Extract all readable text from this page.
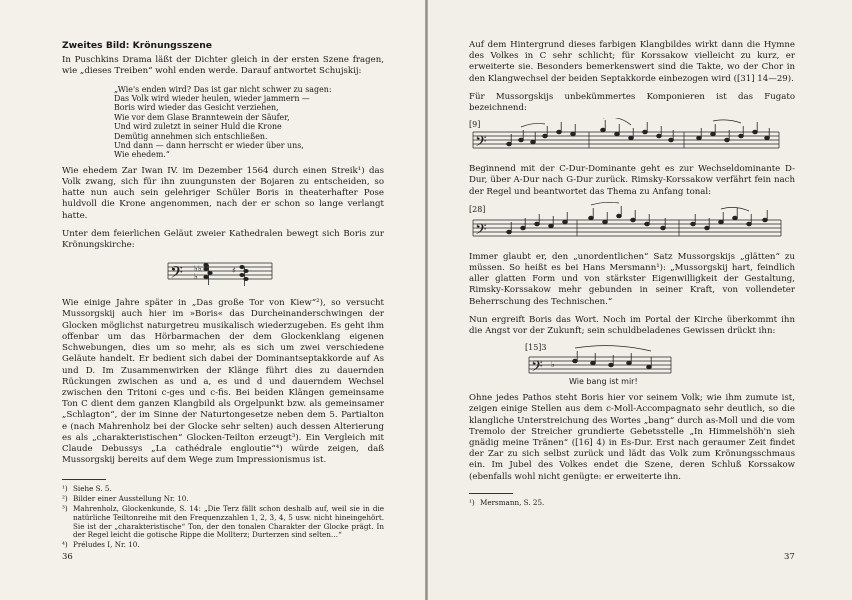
Zweites Bild: Krönungsszene

In Puschkins Drama läßt der Dichter gleich in der ersten Szene fragen, wie „dieses Treiben“ wohl enden werde. Darauf antwortet Schujskij:

„Wie's enden wird? Das ist gar nicht schwer zu sagen:
Das Volk wird wieder heulen, wieder jammern —
Boris wird wieder das Gesicht verziehen,
Wie vor dem Glase Branntewein der Säufer,
Und wird zuletzt in seiner Huld die Krone
Demütig annehmen sich entschließen.
Und dann — dann herrscht er wieder über uns,
Wie ehedem.“

Wie ehedem Zar Iwan IV. im Dezember 1564 durch einen Streik¹) das Volk zwang, sich für ihn zuungunsten der Bojaren zu entscheiden, so hatte nun auch sein gelehriger Schüler Boris in theaterhafter Pose huldvoll die Krone angenommen, nach der er schon so lange verlangt hatte.

Unter dem feierlichen Geläut zweier Kathedralen bewegt sich Boris zur Krönungskirche:

𝄢 ♭♭
♭
♯

Wie einige Jahre später in „Das große Tor von Kiew“²), so versucht Mussorgskij auch hier im »Boris« das Durcheinanderschwingen der Glocken möglichst naturgetreu musikalisch wiederzugeben. Es geht ihm offenbar um das Hörbarmachen der dem Glockenklang eigenen Schwebungen, dies um so mehr, als es sich um zwei verschiedene Geläute handelt. Er bedient sich dabei der Dominantseptakkorde auf As und D. Im Zusammenwirken der Klänge führt dies zu dauernden Rückungen zwischen as und a, es und d und dauerndem Wechsel zwischen den Tritoni c-ges und c-fis. Bei beiden Klängen gemeinsame Ton C dient dem ganzen Klangbild als Orgelpunkt bzw. als gemeinsamer „Schlagton“, der im Sinne der Naturtongesetze neben dem 5. Partialton e (nach Mahrenholz bei der Glocke sehr selten) auch dessen Alterierung es als „charakteristischen“ Glocken-Teilton erzeugt³). Ein Vergleich mit Claude Debussys „La cathédrale engloutie“⁴) würde zeigen, daß Mussorgskij bereits auf dem Wege zum Impressionismus ist.

¹) Siehe S. 5.
²) Bilder einer Ausstellung Nr. 10.
³) Mahrenholz, Glockenkunde, S. 14: „Die Terz fällt schon deshalb auf, weil sie in die natürliche Teiltonreihe mit den Frequenzzahlen 1, 2, 3, 4, 5 usw. nicht hineingehört. Sie ist der „charakteristische“ Ton, der den tonalen Charakter der Glocke prägt. In der Regel leicht die gotische Rippe die Mollterz; Durterzen sind selten…“
⁴) Préludes I, Nr. 10.
36

Auf dem Hintergrund dieses farbigen Klangbildes wirkt dann die Hymne des Volkes in C sehr schlicht; für Korssakow vielleicht zu kurz, er erweiterte sie. Besonders bemerkenswert sind die Takte, wo der Chor in den Klangwechsel der beiden Septakkorde einbezogen wird ([31] 14—29).

Für Mussorgskijs unbekümmertes Komponieren ist das Fugato bezeichnend:

[9]
𝄢

Beginnend mit der C-Dur-Dominante geht es zur Wechseldominante D-Dur, über A-Dur nach G-Dur zurück. Rimsky-Korssakow verfährt fein nach der Regel und beantwortet das Thema zu Anfang tonal:

[28]
𝄢

Immer glaubt er, den „unordentlichen“ Satz Mussorgskijs „glätten“ zu müssen. So heißt es bei Hans Mersmann¹): „Mussorgskij hart, feindlich aller glatten Form und von stärkster Eigenwilligkeit der Gestaltung, Rimsky-Korssakow mehr gebunden in seiner Kraft, von vollendeter Beherrschung des Technischen.“

Nun ergreift Boris das Wort. Noch im Portal der Kirche überkommt ihn die Angst vor der Zukunft; sein schuldbeladenes Gewissen drückt ihn:

[15]3
𝄢 ♭
Wie bang ist mir!

Ohne jedes Pathos steht Boris hier vor seinem Volk; wie ihm zumute ist, zeigen einige Stellen aus dem c-Moll-Accompagnato sehr deutlich, so die klangliche Unterstreichung des Wortes „bang“ durch as-Moll und die vom Tremolo der Streicher grundierte Gebetsstelle „In Himmelshöh'n sieh gnädig meine Tränen“ ([16] 4) in Es-Dur. Erst nach geraumer Zeit findet der Zar zu sich selbst zurück und lädt das Volk zum Krönungsschmaus ein. Im Jubel des Volkes endet die Szene, deren Schluß Korssakow (ebenfalls wohl nicht genügte: er erweiterte ihn.

¹) Mersmann, S. 25.
37
